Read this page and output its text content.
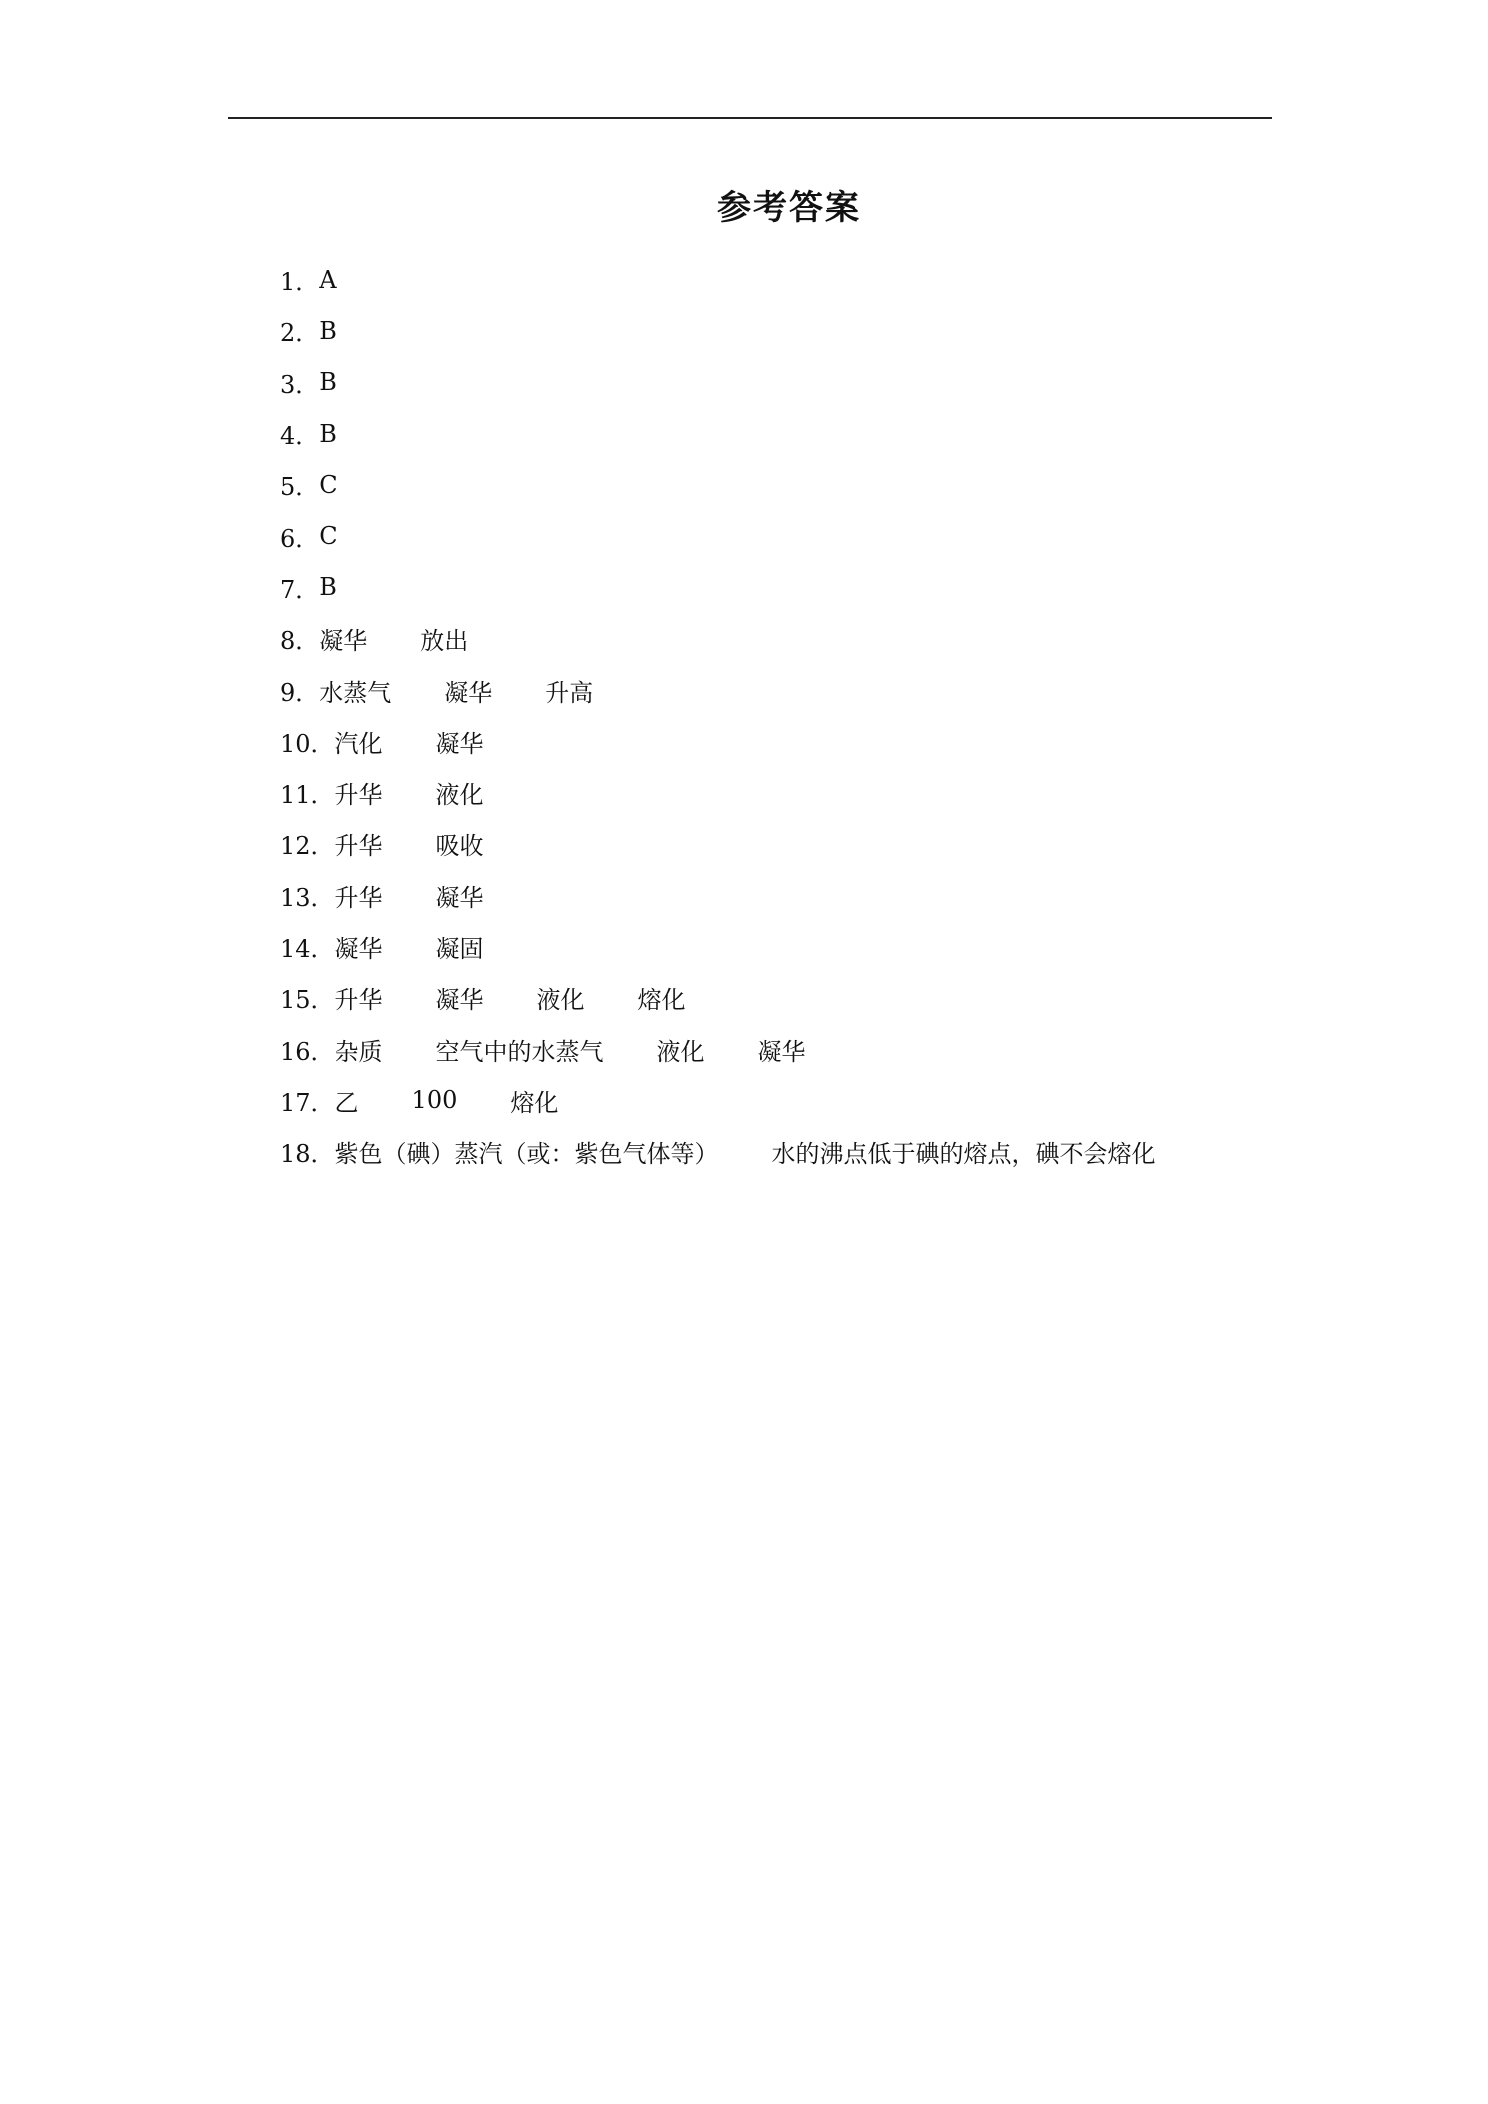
参考答案
1 ．	A
2 ．	B
3 ．	B
4 ．	B
5 ．	C
6 ．	C
7 ．	B
8 ．	凝华 放出
9 ．	水蒸气 凝华 升高
10 ．	汽化 凝华
11 ．	升华 液化
12 ．	升华 吸收
13 ．	升华 凝华
14 ．	凝华 凝固
15 ．	升华 凝华 液化 熔化
16 ．	杂质 空气中的水蒸气 液化 凝华
17 ．	乙 100 熔化
18 ．	紫色（碘）蒸汽（或：紫色气体等） 水的沸点低于碘的熔点，碘不会熔化
